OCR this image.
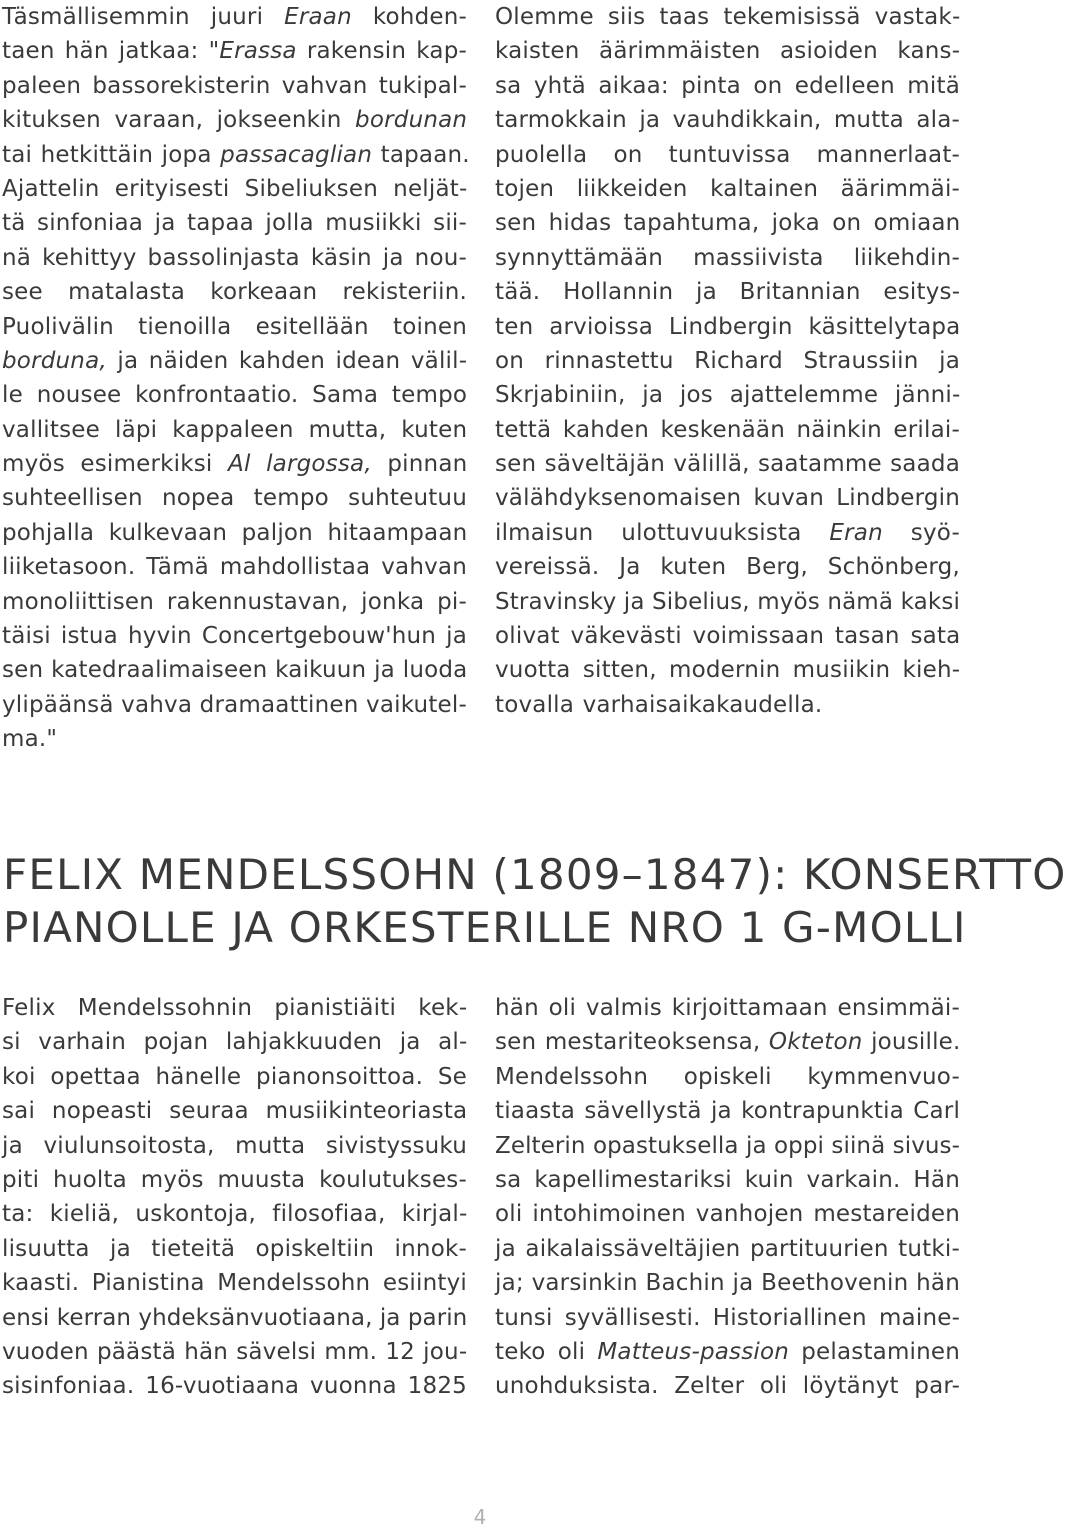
Täsmällisemmin juuri Eraan kohden-
taen hän jatkaa: "Erassa rakensin kap-
paleen bassorekisterin vahvan tukipal-
kituksen varaan, jokseenkin bordunan
tai hetkittäin jopa passacaglian tapaan.
Ajattelin erityisesti Sibeliuksen neljät-
tä sinfoniaa ja tapaa jolla musiikki sii-
nä kehittyy bassolinjasta käsin ja nou-
see matalasta korkeaan rekisteriin.
Puolivälin tienoilla esitellään toinen
borduna, ja näiden kahden idean välil-
le nousee konfrontaatio. Sama tempo
vallitsee läpi kappaleen mutta, kuten
myös esimerkiksi Al largossa, pinnan
suhteellisen nopea tempo suhteutuu
pohjalla kulkevaan paljon hitaampaan
liiketasoon. Tämä mahdollistaa vahvan
monoliittisen rakennustavan, jonka pi-
täisi istua hyvin Concertgebouw'hun ja
sen katedraalimaiseen kaikuun ja luoda
ylipäänsä vahva dramaattinen vaikutel-
ma."
Olemme siis taas tekemisissä vastak-
kaisten äärimmäisten asioiden kans-
sa yhtä aikaa: pinta on edelleen mitä
tarmokkain ja vauhdikkain, mutta ala-
puolella on tuntuvissa mannerlaat-
tojen liikkeiden kaltainen äärimmäi-
sen hidas tapahtuma, joka on omiaan
synnyttämään massiivista liikehdin-
tää. Hollannin ja Britannian esitys-
ten arvioissa Lindbergin käsittelytapa
on rinnastettu Richard Straussiin ja
Skrjabiniin, ja jos ajattelemme jänni-
tettä kahden keskenään näinkin erilai-
sen säveltäjän välillä, saatamme saada
välähdyksenomaisen kuvan Lindbergin
ilmaisun ulottuvuuksista Eran syö-
vereissä. Ja kuten Berg, Schönberg,
Stravinsky ja Sibelius, myös nämä kaksi
olivat väkevästi voimissaan tasan sata
vuotta sitten, modernin musiikin kieh-
tovalla varhaisaikakaudella.
FELIX MENDELSSOHN (1809–1847): KONSERTTO
PIANOLLE JA ORKESTERILLE NRO 1 G-MOLLI
Felix Mendelssohnin pianistiäiti kek-
si varhain pojan lahjakkuuden ja al-
koi opettaa hänelle pianonsoittoa. Se
sai nopeasti seuraa musiikinteoriasta
ja viulunsoitosta, mutta sivistyssuku
piti huolta myös muusta koulutukses-
ta: kieliä, uskontoja, filosofiaa, kirjal-
lisuutta ja tieteitä opiskeltiin innok-
kaasti. Pianistina Mendelssohn esiintyi
ensi kerran yhdeksänvuotiaana, ja parin
vuoden päästä hän sävelsi mm. 12 jou-
sisinfoniaa. 16-vuotiaana vuonna 1825
hän oli valmis kirjoittamaan ensimmäi-
sen mestariteoksensa, Okteton jousille.
Mendelssohn opiskeli kymmenvuo-
tiaasta sävellystä ja kontrapunktia Carl
Zelterin opastuksella ja oppi siinä sivus-
sa kapellimestariksi kuin varkain. Hän
oli intohimoinen vanhojen mestareiden
ja aikalaissäveltäjien partituurien tutki-
ja; varsinkin Bachin ja Beethovenin hän
tunsi syvällisesti. Historiallinen maine-
teko oli Matteus-passion pelastaminen
unohduksista. Zelter oli löytänyt par-
4
